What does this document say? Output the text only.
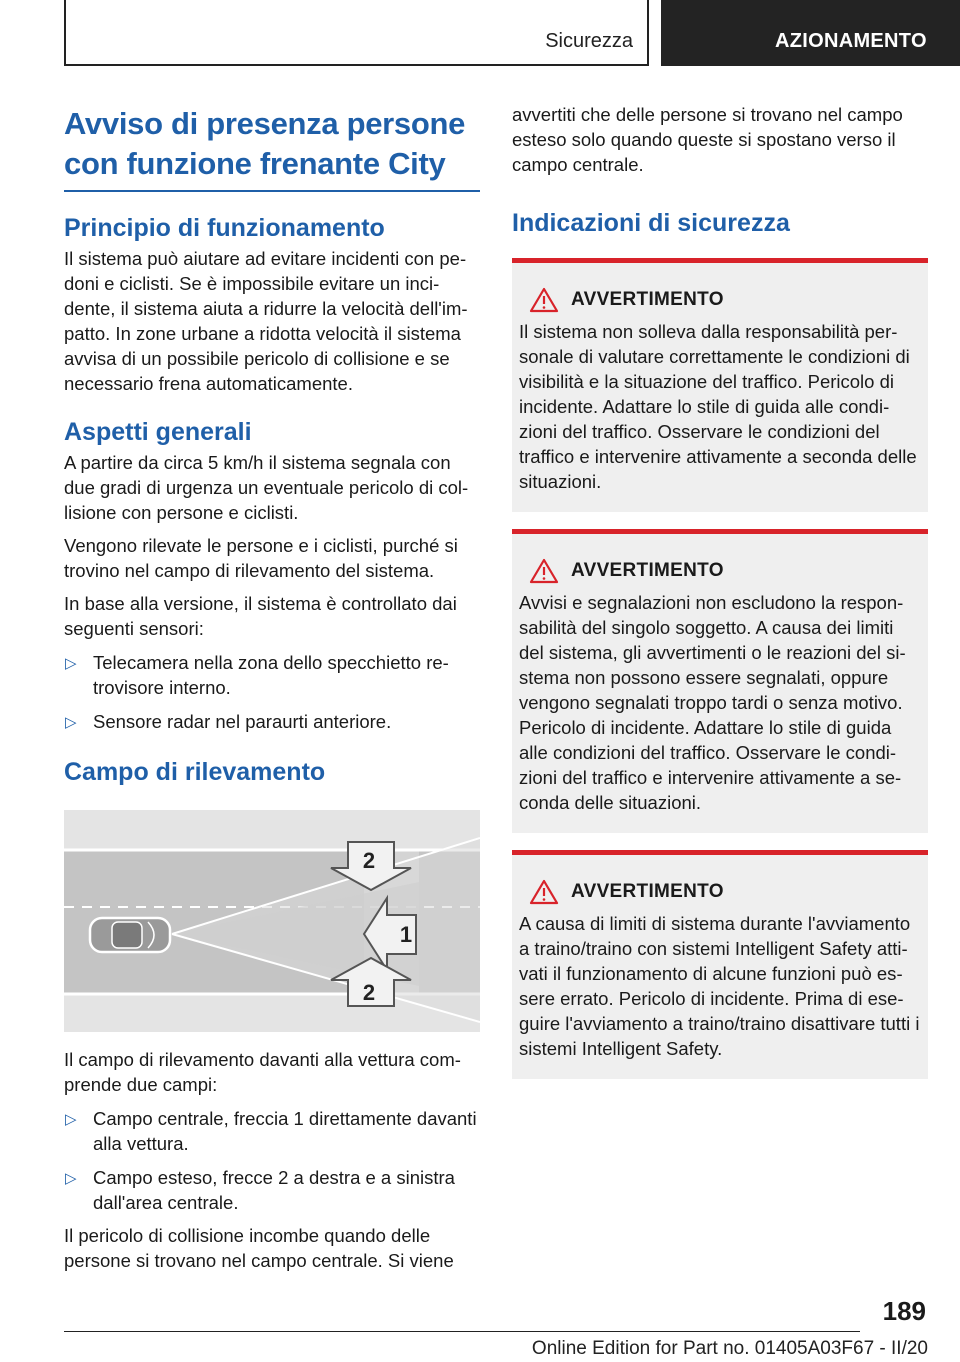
Sicurezza	AZIONAMENTO
Avviso di presenza persone con funzione frenante City
Principio di funzionamento

Il sistema può aiutare ad evitare incidenti con pedoni e ciclisti. Se è impossibile evitare un incidente, il sistema aiuta a ridurre la velocità dell'impatto. In zone urbane a ridotta velocità il sistema avvisa di un possibile pericolo di collisione e se necessario frena automaticamente.

Aspetti generali

A partire da circa 5 km/h il sistema segnala con due gradi di urgenza un eventuale pericolo di collisione con persone e ciclisti.

Vengono rilevate le persone e i ciclisti, purché si trovino nel campo di rilevamento del sistema.

In base alla versione, il sistema è controllato dai seguenti sensori:

▷ Telecamera nella zona dello specchietto retrovisore interno.
▷ Sensore radar nel paraurti anteriore.
Campo di rilevamento
2
1
2

Il campo di rilevamento davanti alla vettura comprende due campi:

▷ Campo centrale, freccia 1 direttamente davanti alla vettura.
▷ Campo esteso, frecce 2 a destra e a sinistra dall'area centrale.

Il pericolo di collisione incombe quando delle persone si trovano nel campo centrale. Si viene

avvertiti che delle persone si trovano nel campo esteso solo quando queste si spostano verso il campo centrale.

Indicazioni di sicurezza
AVVERTIMENTO

Il sistema non solleva dalla responsabilità personale di valutare correttamente le condizioni di visibilità e la situazione del traffico. Pericolo di incidente. Adattare lo stile di guida alle condizioni del traffico. Osservare le condizioni del traffico e intervenire attivamente a seconda delle situazioni.

AVVERTIMENTO

Avvisi e segnalazioni non escludono la responsabilità del singolo soggetto. A causa dei limiti del sistema, gli avvertimenti o le reazioni del sistema non possono essere segnalati, oppure vengono segnalati troppo tardi o senza motivo. Pericolo di incidente. Adattare lo stile di guida alle condizioni del traffico. Osservare le condizioni del traffico e intervenire attivamente a seconda delle situazioni.

AVVERTIMENTO

A causa di limiti di sistema durante l'avviamento a traino/traino con sistemi Intelligent Safety attivati il funzionamento di alcune funzioni può essere errato. Pericolo di incidente. Prima di eseguire l'avviamento a traino/traino disattivare tutti i sistemi Intelligent Safety.

189
Online Edition for Part no. 01405A03F67 - II/20
